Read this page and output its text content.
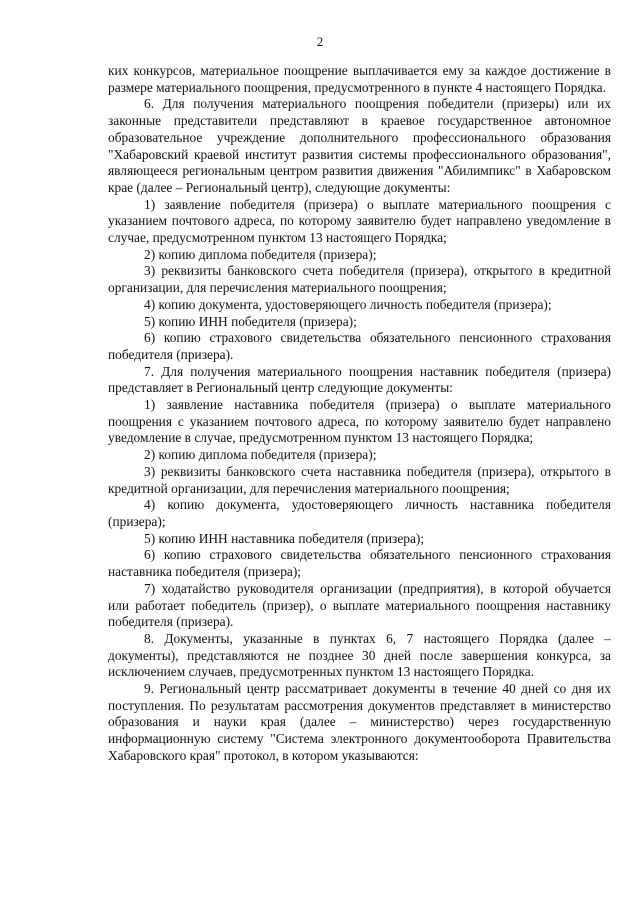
2

ких конкурсов, материальное поощрение выплачивается ему за каждое достижение в размере материального поощрения, предусмотренного в пункте 4 настоящего Порядка.

6. Для получения материального поощрения победители (призеры) или их законные представители представляют в краевое государственное автономное образовательное учреждение дополнительного профессионального образования "Хабаровский краевой институт развития системы профессионального образования", являющееся региональным центром развития движения "Абилимпикс" в Хабаровском крае (далее – Региональный центр), следующие документы:

1) заявление победителя (призера) о выплате материального поощрения с указанием почтового адреса, по которому заявителю будет направлено уведомление в случае, предусмотренном пунктом 13 настоящего Порядка;

2) копию диплома победителя (призера);

3) реквизиты банковского счета победителя (призера), открытого в кредитной организации, для перечисления материального поощрения;

4) копию документа, удостоверяющего личность победителя (призера);

5) копию ИНН победителя (призера);

6) копию страхового свидетельства обязательного пенсионного страхования победителя (призера).

7. Для получения материального поощрения наставник победителя (призера) представляет в Региональный центр следующие документы:

1) заявление наставника победителя (призера) о выплате материального поощрения с указанием почтового адреса, по которому заявителю будет направлено уведомление в случае, предусмотренном пунктом 13 настоящего Порядка;

2) копию диплома победителя (призера);

3) реквизиты банковского счета наставника победителя (призера), открытого в кредитной организации, для перечисления материального поощрения;

4) копию документа, удостоверяющего личность наставника победителя (призера);

5) копию ИНН наставника победителя (призера);

6) копию страхового свидетельства обязательного пенсионного страхования наставника победителя (призера);

7) ходатайство руководителя организации (предприятия), в которой обучается или работает победитель (призер), о выплате материального поощрения наставнику победителя (призера).

8. Документы, указанные в пунктах 6, 7 настоящего Порядка (далее – документы), представляются не позднее 30 дней после завершения конкурса, за исключением случаев, предусмотренных пунктом 13 настоящего Порядка.

9. Региональный центр рассматривает документы в течение 40 дней со дня их поступления. По результатам рассмотрения документов представляет в министерство образования и науки края (далее – министерство) через государственную информационную систему "Система электронного документооборота Правительства Хабаровского края" протокол, в котором указываются:
